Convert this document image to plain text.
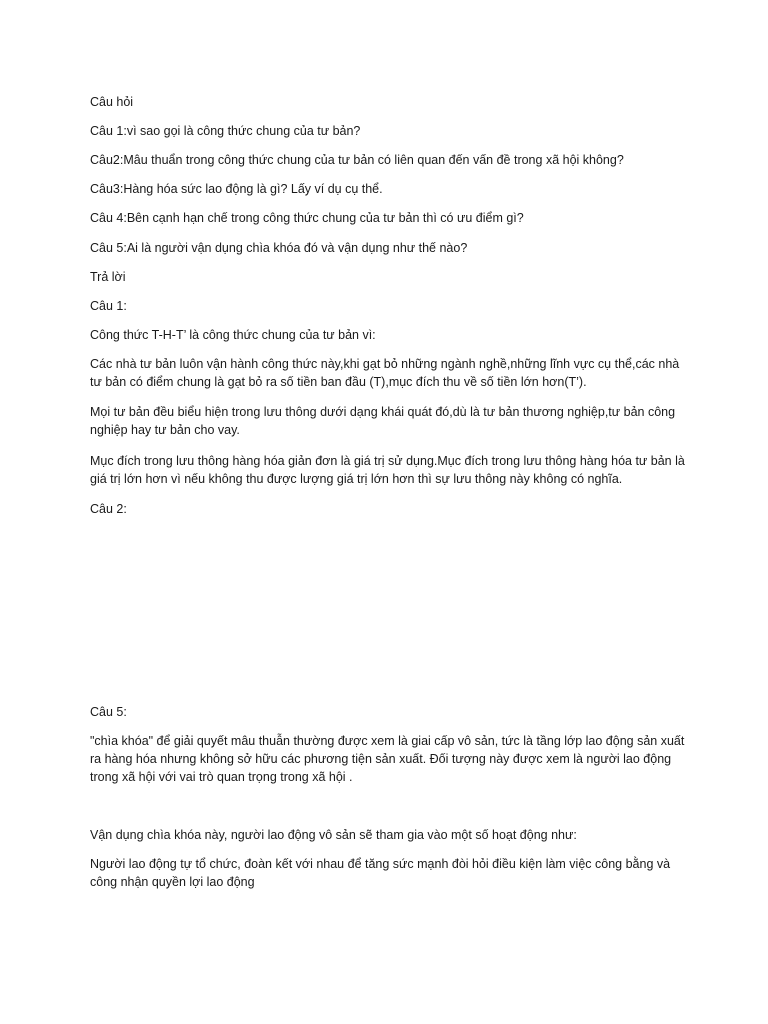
Câu hỏi

Câu 1:vì sao gọi là công thức chung của tư bản?

Câu2:Mâu thuẩn trong công thức chung của tư bản có liên quan đến vấn đề trong xã hội không?

Câu3:Hàng hóa sức lao động là gì? Lấy ví dụ cụ thể.

Câu 4:Bên cạnh hạn chế trong công thức chung của tư bản thì có ưu điểm gì?

Câu 5:Ai là người vận dụng chìa khóa đó và vận dụng như thế nào?

Trả lời

Câu 1:

Công thức T-H-T’ là công thức chung của tư bản vì:

Các nhà tư bản luôn vận hành công thức này,khi gạt bỏ những ngành nghề,những lĩnh vực cụ thể,các nhà tư bản có điểm chung là gạt bỏ ra số tiền ban đầu (T),mục đích thu về số tiền lớn hơn(T’).

Mọi tư bản đều biểu hiện trong lưu thông dưới dạng khái quát đó,dù là tư bản thương nghiệp,tư bản công nghiệp hay tư bản cho vay.

Mục đích trong lưu thông hàng hóa giản đơn là giá trị sử dụng.Mục đích trong lưu thông hàng hóa tư bản là giá trị lớn hơn vì nếu không thu được lượng giá trị lớn hơn thì sự lưu thông này không có nghĩa.

Câu 2:

Câu 5:

"chìa khóa" để giải quyết mâu thuẫn thường được xem là giai cấp vô sản, tức là tầng lớp lao động sản xuất ra hàng hóa nhưng không sở hữu các phương tiện sản xuất. Đối tượng này được xem là người lao động trong xã hội với vai trò quan trọng trong xã hội .

Vận dụng chìa khóa này, người lao động vô sản sẽ tham gia vào một số hoạt động như:

Người lao động tự tổ chức, đoàn kết với nhau để tăng sức mạnh đòi hỏi điều kiện làm việc công bằng và công nhận quyền lợi lao động
